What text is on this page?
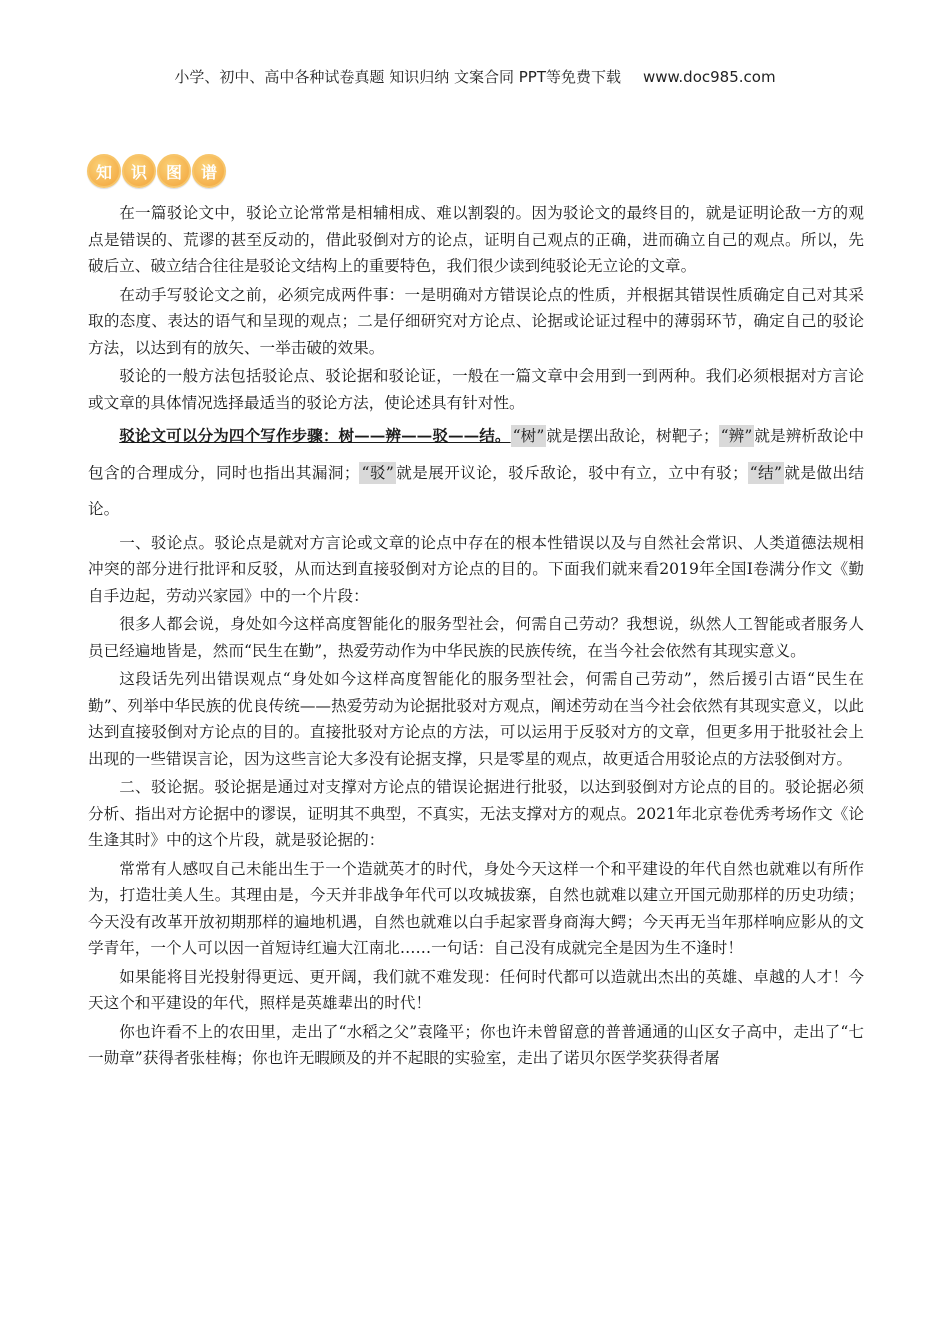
小学、初中、高中各种试卷真题 知识归纳 文案合同 PPT等免费下载 www.doc985.com
知	识	图	谱

在一篇驳论文中，驳论立论常常是相辅相成、难以割裂的。因为驳论文的最终目的，就是证明论敌一方的观点是错误的、荒谬的甚至反动的，借此驳倒对方的论点，证明自己观点的正确，进而确立自己的观点。所以，先破后立、破立结合往往是驳论文结构上的重要特色，我们很少读到纯驳论无立论的文章。

在动手写驳论文之前，必须完成两件事：一是明确对方错误论点的性质，并根据其错误性质确定自己对其采取的态度、表达的语气和呈现的观点；二是仔细研究对方论点、论据或论证过程中的薄弱环节，确定自己的驳论方法，以达到有的放矢、一举击破的效果。

驳论的一般方法包括驳论点、驳论据和驳论证，一般在一篇文章中会用到一到两种。我们必须根据对方言论或文章的具体情况选择最适当的驳论方法，使论述具有针对性。

驳论文可以分为四个写作步骤：树——辨——驳——结。 “树” 就是摆出敌论，树靶子； “辨” 就是辨析敌论中包含的合理成分，同时也指出其漏洞； “驳” 就是展开议论，驳斥敌论，驳中有立，立中有驳； “结” 就是做出结论。

一、驳论点。驳论点是就对方言论或文章的论点中存在的根本性错误以及与自然社会常识、人类道德法规相冲突的部分进行批评和反驳，从而达到直接驳倒对方论点的目的。下面我们就来看2019年全国Ⅰ卷满分作文《勤自手边起，劳动兴家园》中的一个片段：

很多人都会说，身处如今这样高度智能化的服务型社会，何需自己劳动？我想说，纵然人工智能或者服务人员已经遍地皆是，然而“民生在勤”，热爱劳动作为中华民族的民族传统，在当今社会依然有其现实意义。

这段话先列出错误观点“身处如今这样高度智能化的服务型社会，何需自己劳动”，然后援引古语“民生在勤”、列举中华民族的优良传统——热爱劳动为论据批驳对方观点，阐述劳动在当今社会依然有其现实意义，以此达到直接驳倒对方论点的目的。直接批驳对方论点的方法，可以运用于反驳对方的文章，但更多用于批驳社会上出现的一些错误言论，因为这些言论大多没有论据支撑，只是零星的观点，故更适合用驳论点的方法驳倒对方。

二、驳论据。驳论据是通过对支撑对方论点的错误论据进行批驳，以达到驳倒对方论点的目的。驳论据必须分析、指出对方论据中的谬误，证明其不典型，不真实，无法支撑对方的观点。2021年北京卷优秀考场作文《论生逢其时》中的这个片段，就是驳论据的：

常常有人感叹自己未能出生于一个造就英才的时代，身处今天这样一个和平建设的年代自然也就难以有所作为，打造壮美人生。其理由是，今天并非战争年代可以攻城拔寨，自然也就难以建立开国元勋那样的历史功绩；今天没有改革开放初期那样的遍地机遇，自然也就难以白手起家晋身商海大鳄；今天再无当年那样响应影从的文学青年，一个人可以因一首短诗红遍大江南北……一句话：自己没有成就完全是因为生不逢时！

如果能将目光投射得更远、更开阔，我们就不难发现：任何时代都可以造就出杰出的英雄、卓越的人才！今天这个和平建设的年代，照样是英雄辈出的时代！

你也许看不上的农田里，走出了“水稻之父”袁隆平；你也许未曾留意的普普通通的山区女子高中，走出了“七一勋章”获得者张桂梅；你也许无暇顾及的并不起眼的实验室，走出了诺贝尔医学奖获得者屠
